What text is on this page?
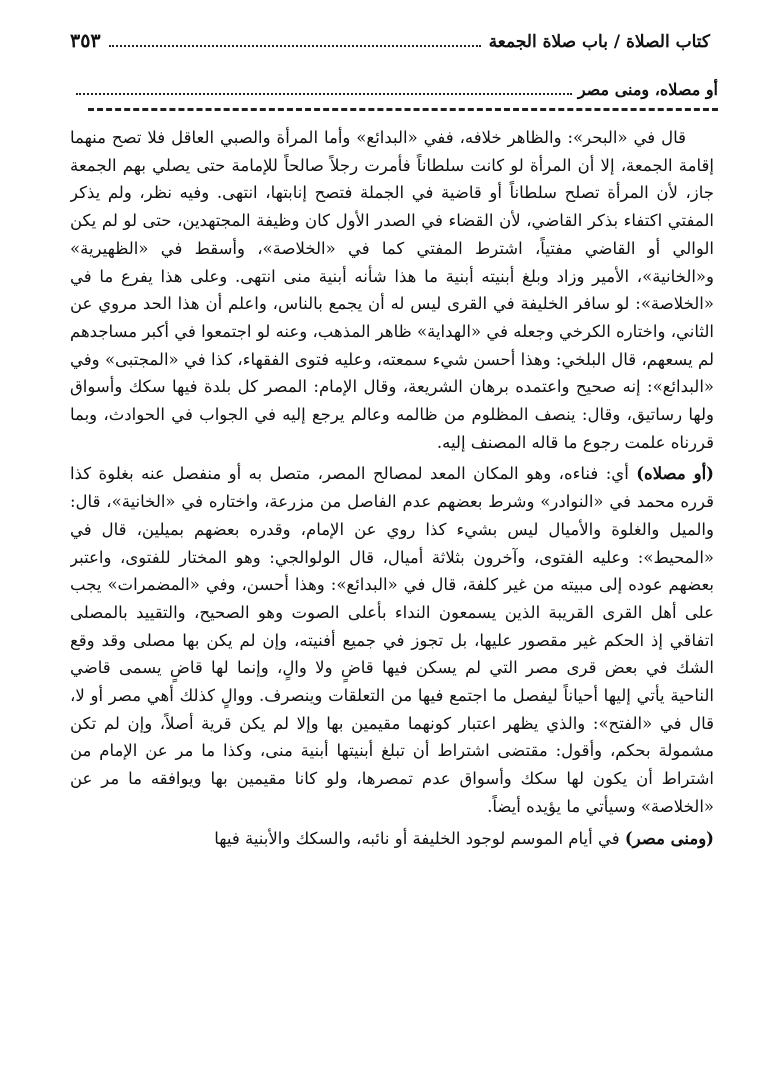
كتاب الصلاة / باب صلاة الجمعة
٣٥٣
أو مصلاه، ومنى مصر

قال في «البحر»: والظاهر خلافه، ففي «البدائع» وأما المرأة والصبي العاقل فلا تصح منهما إقامة الجمعة، إلا أن المرأة لو كانت سلطاناً فأمرت رجلاً صالحاً للإمامة حتى يصلي بهم الجمعة جاز، لأن المرأة تصلح سلطاناً أو قاضية في الجملة فتصح إنابتها، انتهى. وفيه نظر، ولم يذكر المفتي اكتفاء بذكر القاضي، لأن القضاء في الصدر الأول كان وظيفة المجتهدين، حتى لو لم يكن الوالي أو القاضي مفتياً، اشترط المفتي كما في «الخلاصة»، وأسقط في «الظهيرية» و«الخانية»، الأمير وزاد وبلغ أبنيته أبنية ما هذا شأنه أبنية منى انتهى. وعلى هذا يفرع ما في «الخلاصة»: لو سافر الخليفة في القرى ليس له أن يجمع بالناس، واعلم أن هذا الحد مروي عن الثاني، واختاره الكرخي وجعله في «الهداية» ظاهر المذهب، وعنه لو اجتمعوا في أكبر مساجدهم لم يسعهم، قال البلخي: وهذا أحسن شيء سمعته، وعليه فتوى الفقهاء، كذا في «المجتبى» وفي «البدائع»: إنه صحيح واعتمده برهان الشريعة، وقال الإمام: المصر كل بلدة فيها سكك وأسواق ولها رساتيق، وقال: ينصف المظلوم من ظالمه وعالم يرجع إليه في الجواب في الحوادث، وبما قررناه علمت رجوع ما قاله المصنف إليه.

(أو مصلاه) أي: فناءه، وهو المكان المعد لمصالح المصر، متصل به أو منفصل عنه بغلوة كذا قرره محمد في «النوادر» وشرط بعضهم عدم الفاصل من مزرعة، واختاره في «الخانية»، قال: والميل والغلوة والأميال ليس بشيء كذا روي عن الإمام، وقدره بعضهم بميلين، قال في «المحيط»: وعليه الفتوى، وآخرون بثلاثة أميال، قال الولوالجي: وهو المختار للفتوى، واعتبر بعضهم عوده إلى مبيته من غير كلفة، قال في «البدائع»: وهذا أحسن، وفي «المضمرات» يجب على أهل القرى القريبة الذين يسمعون النداء بأعلى الصوت وهو الصحيح، والتقييد بالمصلى اتفاقي إذ الحكم غير مقصور عليها، بل تجوز في جميع أفنيته، وإن لم يكن بها مصلى وقد وقع الشك في بعض قرى مصر التي لم يسكن فيها قاضٍ ولا والٍ، وإنما لها قاضٍ يسمى قاضي الناحية يأتي إليها أحياناً ليفصل ما اجتمع فيها من التعلقات وينصرف. ووالٍ كذلك أهي مصر أو لا، قال في «الفتح»: والذي يظهر اعتبار كونهما مقيمين بها وإلا لم يكن قرية أصلاً، وإن لم تكن مشمولة بحكم، وأقول: مقتضى اشتراط أن تبلغ أبنيتها أبنية منى، وكذا ما مر عن الإمام من اشتراط أن يكون لها سكك وأسواق عدم تمصرها، ولو كانا مقيمين بها ويوافقه ما مر عن «الخلاصة» وسيأتي ما يؤيده أيضاً.

(ومنى مصر) في أيام الموسم لوجود الخليفة أو نائبه، والسكك والأبنية فيها
